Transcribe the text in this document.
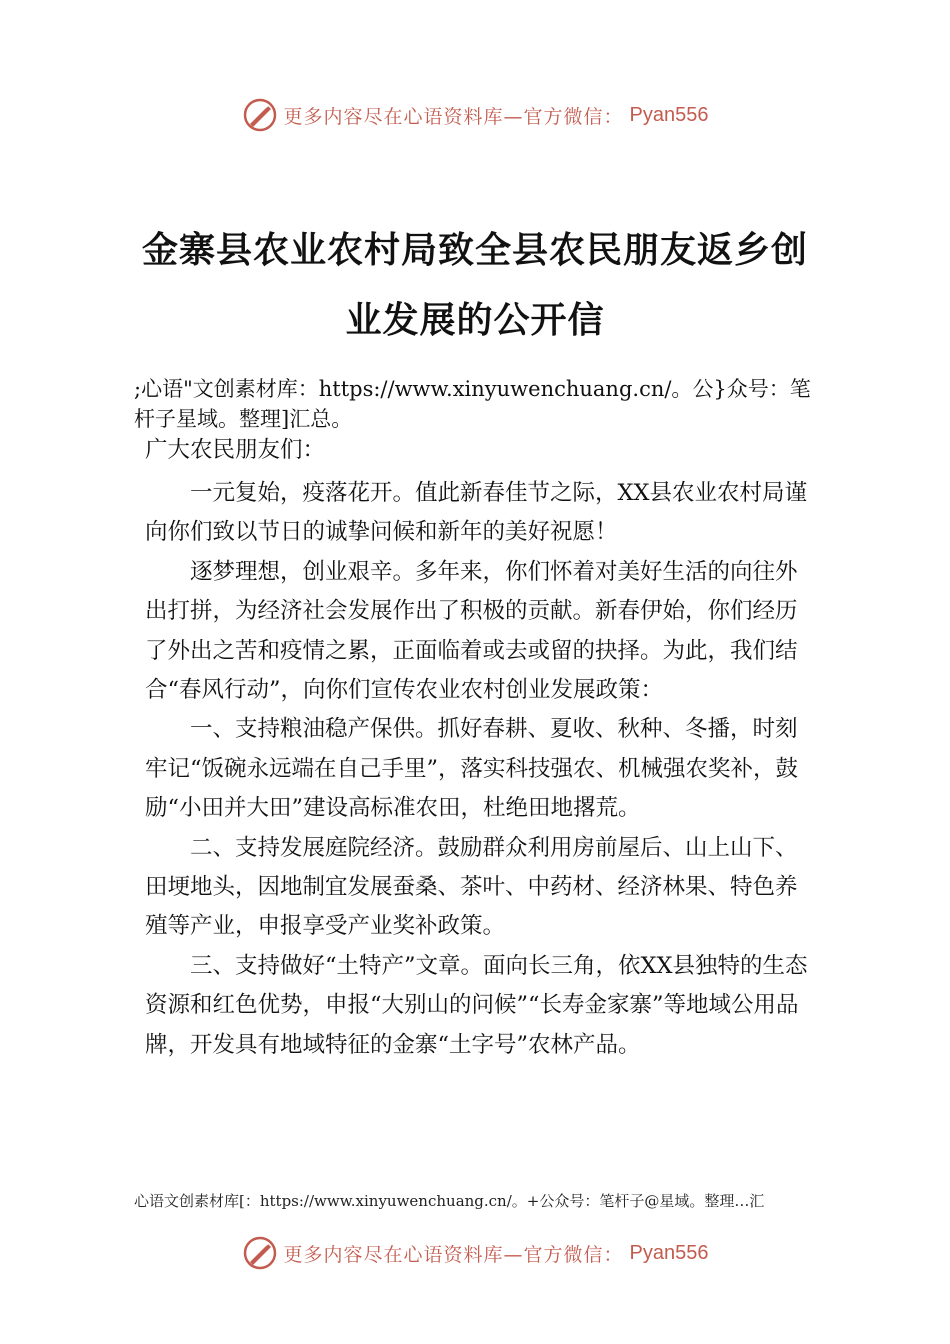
更多内容尽在心语资料库—官方微信： Pyan556
金寨县农业农村局致全县农民朋友返乡创
业发展的公开信
;心语"文创素材库：https://www.xinyuwenchuang.cn/。公}众号：笔杆子星域。整理]汇总。
广大农民朋友们：

一元复始，疫落花开。值此新春佳节之际，XX县农业农村局谨向你们致以节日的诚挚问候和新年的美好祝愿！

逐梦理想，创业艰辛。多年来，你们怀着对美好生活的向往外出打拼，为经济社会发展作出了积极的贡献。新春伊始，你们经历了外出之苦和疫情之累，正面临着或去或留的抉择。为此，我们结合“春风行动”，向你们宣传农业农村创业发展政策：

一、支持粮油稳产保供。抓好春耕、夏收、秋种、冬播，时刻牢记“饭碗永远端在自己手里”，落实科技强农、机械强农奖补，鼓励“小田并大田”建设高标准农田，杜绝田地撂荒。

二、支持发展庭院经济。鼓励群众利用房前屋后、山上山下、田埂地头，因地制宜发展蚕桑、茶叶、中药材、经济林果、特色养殖等产业，申报享受产业奖补政策。

三、支持做好“土特产”文章。面向长三角，依XX县独特的生态资源和红色优势，申报“大别山的问候”“长寿金家寨”等地域公用品牌，开发具有地域特征的金寨“土字号”农林产品。

心语文创素材库[：https://www.xinyuwenchuang.cn/。+公众号：笔杆子@星域。整理…汇
更多内容尽在心语资料库—官方微信： Pyan556
